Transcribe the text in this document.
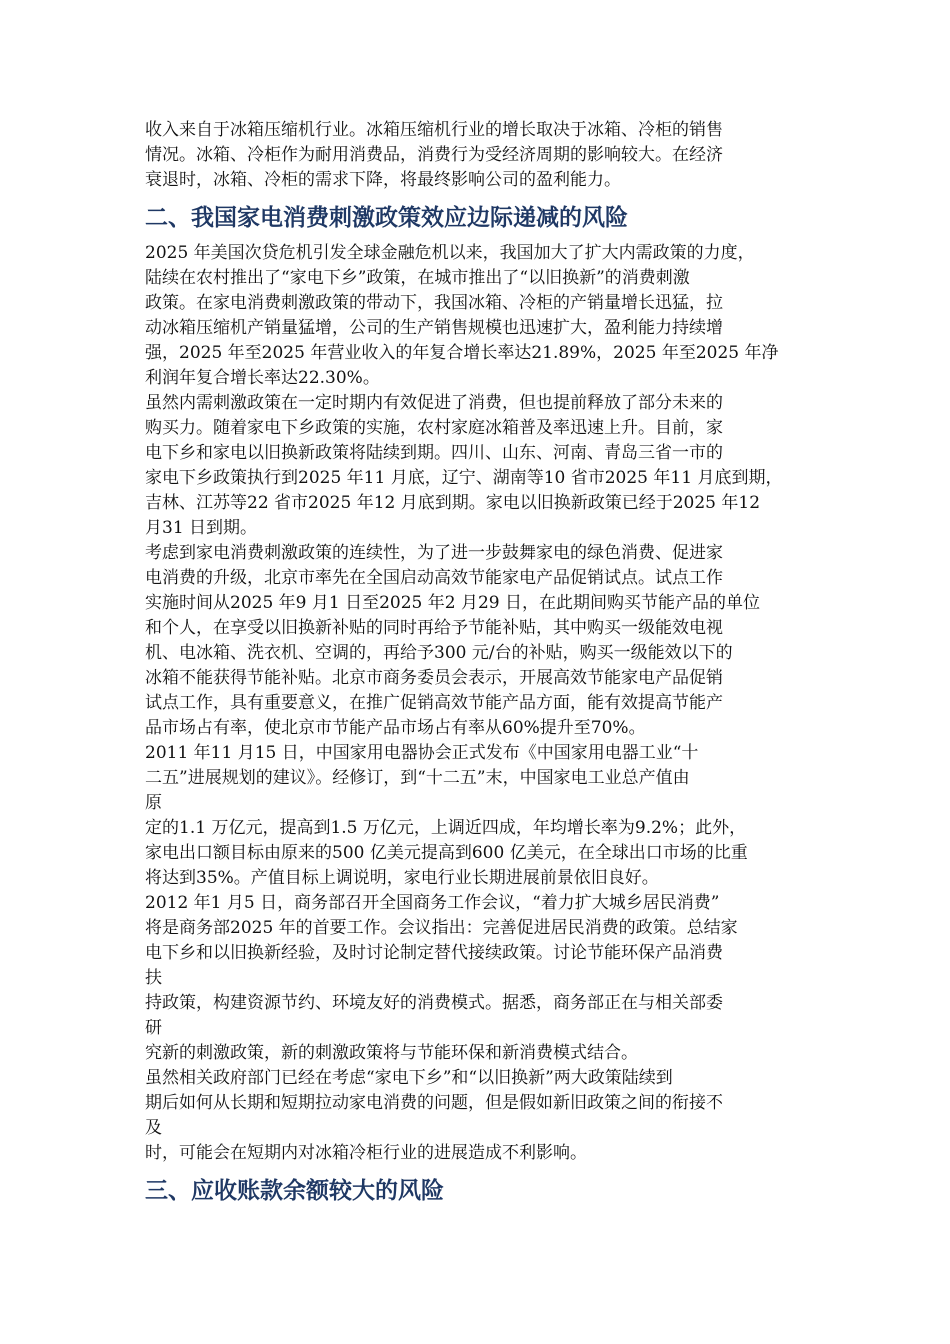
收入来自于冰箱压缩机行业。冰箱压缩机行业的增长取决于冰箱、冷柜的销售

情况。冰箱、冷柜作为耐用消费品，消费行为受经济周期的影响较大。在经济

衰退时，冰箱、冷柜的需求下降，将最终影响公司的盈利能力。

二、我国家电消费刺激政策效应边际递减的风险

2025 年美国次贷危机引发全球金融危机以来，我国加大了扩大内需政策的力度，

陆续在农村推出了“家电下乡”政策，在城市推出了“以旧换新”的消费刺激

政策。在家电消费刺激政策的带动下，我国冰箱、冷柜的产销量增长迅猛，拉

动冰箱压缩机产销量猛增，公司的生产销售规模也迅速扩大，盈利能力持续增

强，2025 年至2025 年营业收入的年复合增长率达21.89%，2025 年至2025 年净

利润年复合增长率达22.30%。

虽然内需刺激政策在一定时期内有效促进了消费，但也提前释放了部分未来的

购买力。随着家电下乡政策的实施，农村家庭冰箱普及率迅速上升。目前，家

电下乡和家电以旧换新政策将陆续到期。四川、山东、河南、青岛三省一市的

家电下乡政策执行到2025 年11 月底，辽宁、湖南等10 省市2025 年11 月底到期，

吉林、江苏等22 省市2025 年12 月底到期。家电以旧换新政策已经于2025 年12

月31 日到期。

考虑到家电消费刺激政策的连续性，为了进一步鼓舞家电的绿色消费、促进家

电消费的升级，北京市率先在全国启动高效节能家电产品促销试点。试点工作

实施时间从2025 年9 月1 日至2025 年2 月29 日，在此期间购买节能产品的单位

和个人，在享受以旧换新补贴的同时再给予节能补贴，其中购买一级能效电视

机、电冰箱、洗衣机、空调的，再给予300 元/台的补贴，购买一级能效以下的

冰箱不能获得节能补贴。北京市商务委员会表示，开展高效节能家电产品促销

试点工作，具有重要意义，在推广促销高效节能产品方面，能有效提高节能产

品市场占有率，使北京市节能产品市场占有率从60%提升至70%。

2011 年11 月15 日，中国家用电器协会正式发布《中国家用电器工业“十

二五”进展规划的建议》。经修订，到“十二五”末，中国家电工业总产值由

原

定的1.1 万亿元，提高到1.5 万亿元，上调近四成，年均增长率为9.2%；此外，

家电出口额目标由原来的500 亿美元提高到600 亿美元，在全球出口市场的比重

将达到35%。产值目标上调说明，家电行业长期进展前景依旧良好。

2012 年1 月5 日，商务部召开全国商务工作会议，“着力扩大城乡居民消费”

将是商务部2025 年的首要工作。会议指出：完善促进居民消费的政策。总结家

电下乡和以旧换新经验，及时讨论制定替代接续政策。讨论节能环保产品消费

扶

持政策，构建资源节约、环境友好的消费模式。据悉，商务部正在与相关部委

研

究新的刺激政策，新的刺激政策将与节能环保和新消费模式结合。

虽然相关政府部门已经在考虑“家电下乡”和“以旧换新”两大政策陆续到

期后如何从长期和短期拉动家电消费的问题，但是假如新旧政策之间的衔接不

及

时，可能会在短期内对冰箱冷柜行业的进展造成不利影响。

三、应收账款余额较大的风险
